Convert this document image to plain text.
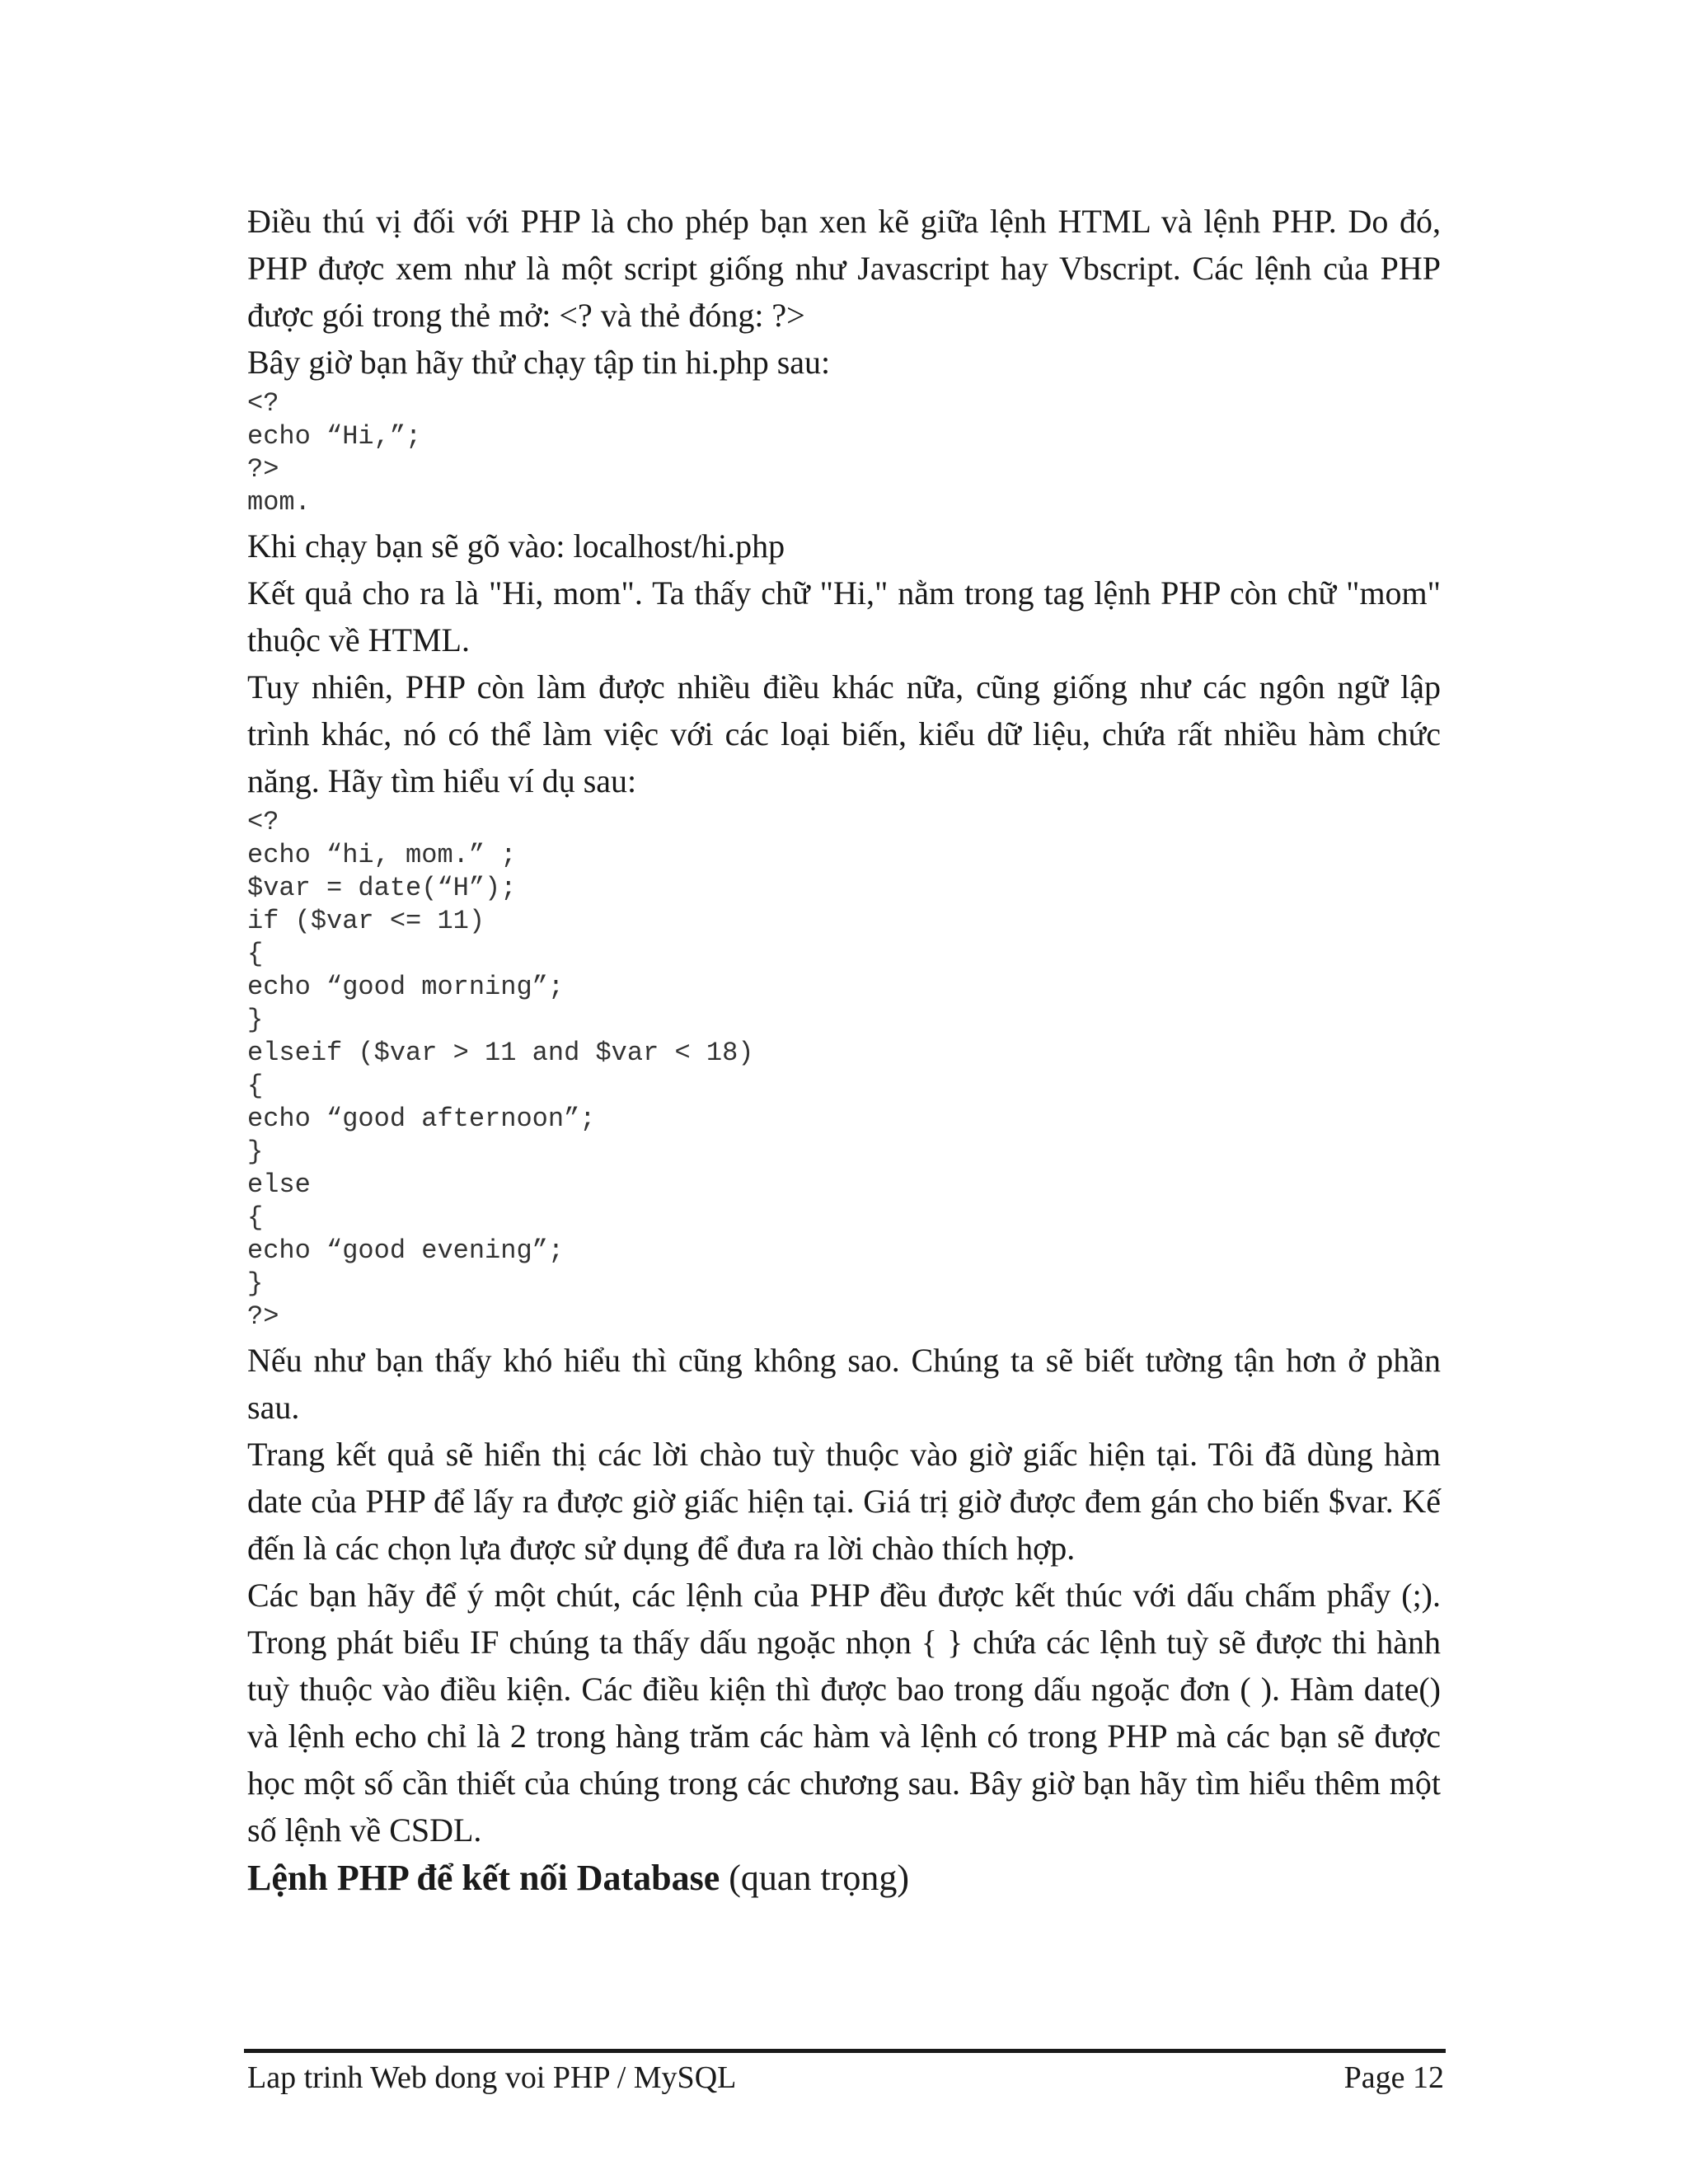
Điều thú vị đối với PHP là cho phép bạn xen kẽ giữa lệnh HTML và lệnh PHP. Do đó, PHP được xem như là một script giống như Javascript hay Vbscript. Các lệnh của PHP được gói trong thẻ mở: <? và thẻ đóng: ?>

Bây giờ bạn hãy thử chạy tập tin hi.php sau:

<?
echo “Hi,”;
?>
mom.

Khi chạy bạn sẽ gõ vào: localhost/hi.php

Kết quả cho ra là "Hi, mom". Ta thấy chữ "Hi," nằm trong tag lệnh PHP còn chữ "mom" thuộc về HTML.

Tuy nhiên, PHP còn làm được nhiều điều khác nữa, cũng giống như các ngôn ngữ lập trình khác, nó có thể làm việc với các loại biến, kiểu dữ liệu, chứa rất nhiều hàm chức năng. Hãy tìm hiểu ví dụ sau:

<?
echo “hi, mom.” ;
$var = date(“H”);
if ($var <= 11)
{
echo “good morning”;
}
elseif ($var > 11 and $var < 18)
{
echo “good afternoon”;
}
else
{
echo “good evening”;
}
?>

Nếu như bạn thấy khó hiểu thì cũng không sao. Chúng ta sẽ biết tường tận hơn ở phần sau.

Trang kết quả sẽ hiển thị các lời chào tuỳ thuộc vào giờ giấc hiện tại. Tôi đã dùng hàm date của PHP để lấy ra được giờ giấc hiện tại. Giá trị giờ được đem gán cho biến $var. Kế đến là các chọn lựa được sử dụng để đưa ra lời chào thích hợp.

Các bạn hãy để ý một chút, các lệnh của PHP đều được kết thúc với dấu chấm phẩy (;). Trong phát biểu IF chúng ta thấy dấu ngoặc nhọn { } chứa các lệnh tuỳ sẽ được thi hành tuỳ thuộc vào điều kiện. Các điều kiện thì được bao trong dấu ngoặc đơn ( ). Hàm date() và lệnh echo chỉ là 2 trong hàng trăm các hàm và lệnh có trong PHP mà các bạn sẽ được học một số cần thiết của chúng trong các chương sau. Bây giờ bạn hãy tìm hiểu thêm một số lệnh về CSDL.

Lệnh PHP để kết nối Database (quan trọng)

Lap trinh Web dong voi PHP / MySQL	Page 12
